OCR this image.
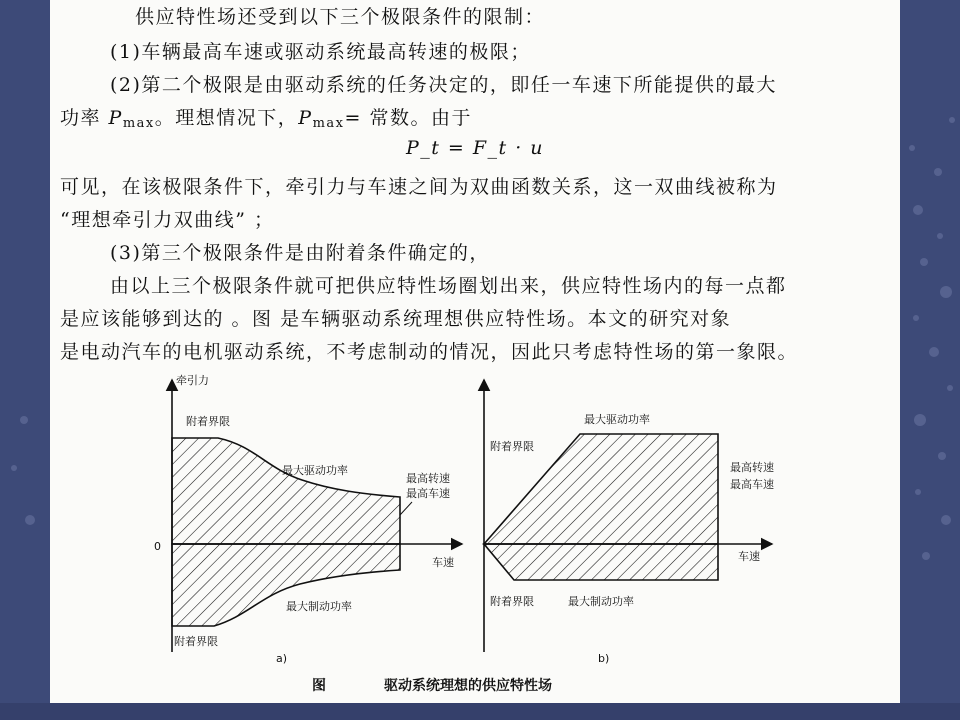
供应特性场还受到以下三个极限条件的限制：
(1)车辆最高车速或驱动系统最高转速的极限；
(2)第二个极限是由驱动系统的任务决定的，即任一车速下所能提供的最大
功率 $P_{max}$。理想情况下，$P_{max}=$ 常数。由于
P_t = F_t · u
可见，在该极限条件下，牵引力与车速之间为双曲函数关系，这一双曲线被称为
“理想牵引力双曲线” ；
(3)第三个极限条件是由附着条件确定的，
由以上三个极限条件就可把供应特性场圈划出来，供应特性场内的每一点都
是应该能够到达的 。图 是车辆驱动系统理想供应特性场。本文的研究对象
是电动汽车的电机驱动系统，不考虑制动的情况，因此只考虑特性场的第一象限。
牵引力
附着界限
最大驱动功率
最高转速
最高车速
0
车速
最大制动功率
附着界限
a)
最大驱动功率
附着界限
最高转速
最高车速
车速
附着界限	最大制动功率
b)
图	驱动系统理想的供应特性场
